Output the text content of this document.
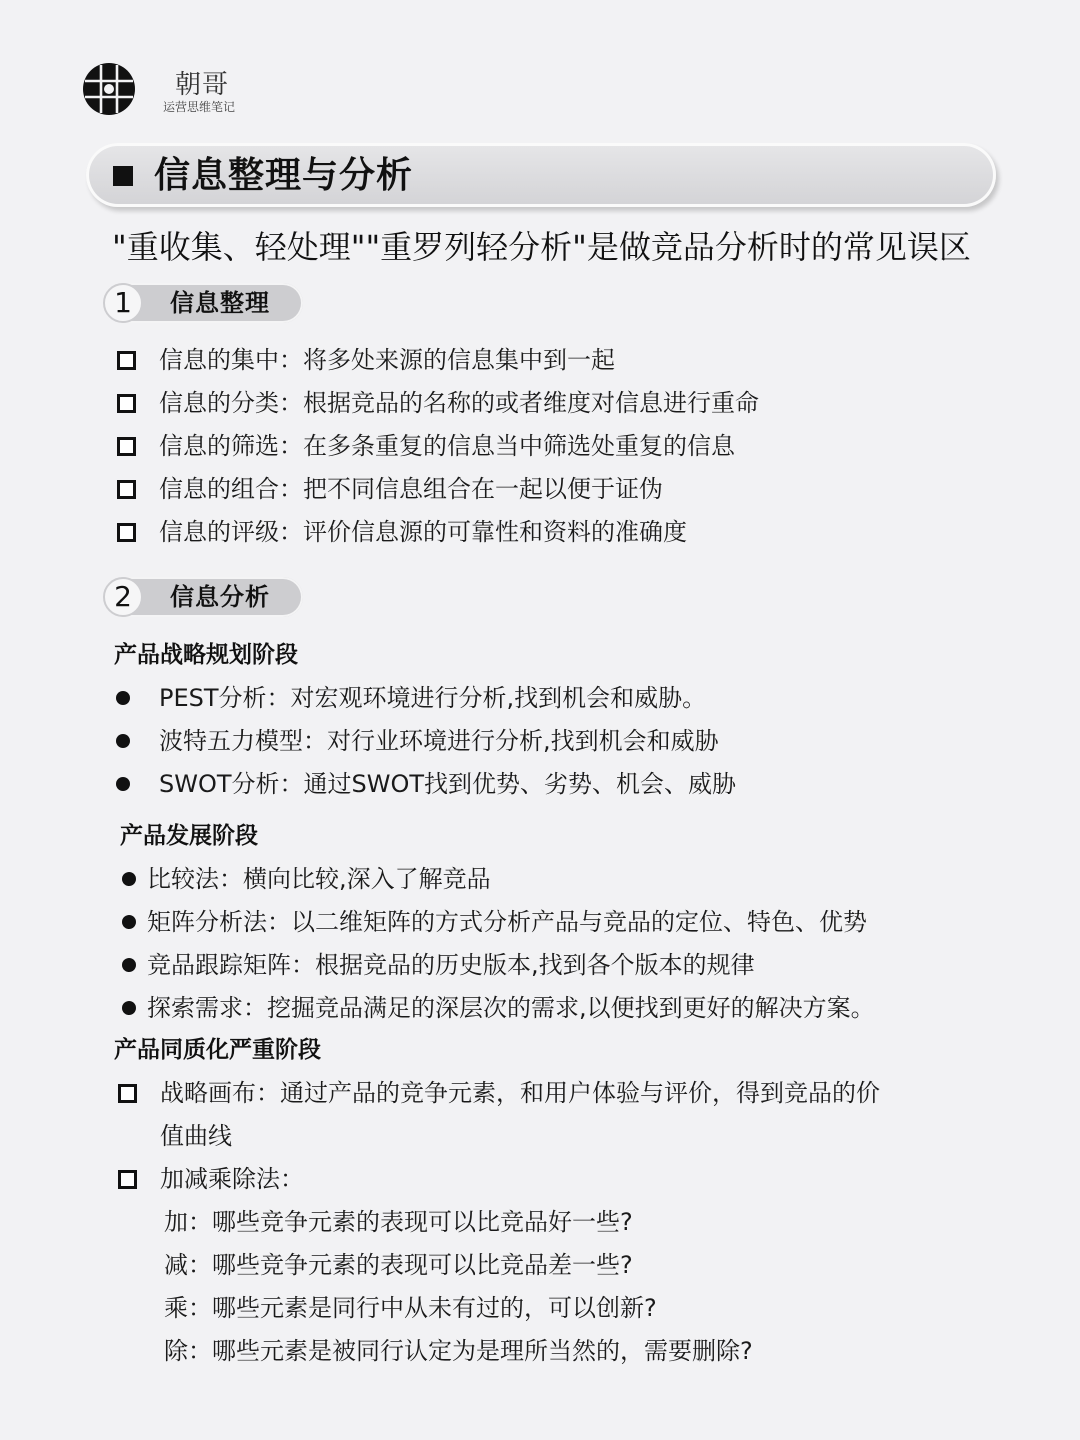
朝哥
运营思维笔记
信息整理与分析
"重收集、轻处理""重罗列轻分析"是做竞品分析时的常见误区
1	信息整理
信息的集中：将多处来源的信息集中到一起
信息的分类：根据竞品的名称的或者维度对信息进行重命
信息的筛选：在多条重复的信息当中筛选处重复的信息
信息的组合：把不同信息组合在一起以便于证伪
信息的评级：评价信息源的可靠性和资料的准确度
2	信息分析
产品战略规划阶段
PEST分析：对宏观环境进行分析,找到机会和威胁。
波特五力模型：对行业环境进行分析,找到机会和威胁
SWOT分析：通过SWOT找到优势、劣势、机会、威胁
产品发展阶段
比较法：横向比较,深入了解竞品
矩阵分析法：以二维矩阵的方式分析产品与竞品的定位、特色、优势
竞品跟踪矩阵：根据竞品的历史版本,找到各个版本的规律
探索需求：挖掘竞品满足的深层次的需求,以便找到更好的解决方案。
产品同质化严重阶段
战略画布：通过产品的竞争元素，和用户体验与评价，得到竞品的价
值曲线
加减乘除法：
加：哪些竞争元素的表现可以比竞品好一些?
减：哪些竞争元素的表现可以比竞品差一些?
乘：哪些元素是同行中从未有过的，可以创新?
除：哪些元素是被同行认定为是理所当然的，需要删除?
